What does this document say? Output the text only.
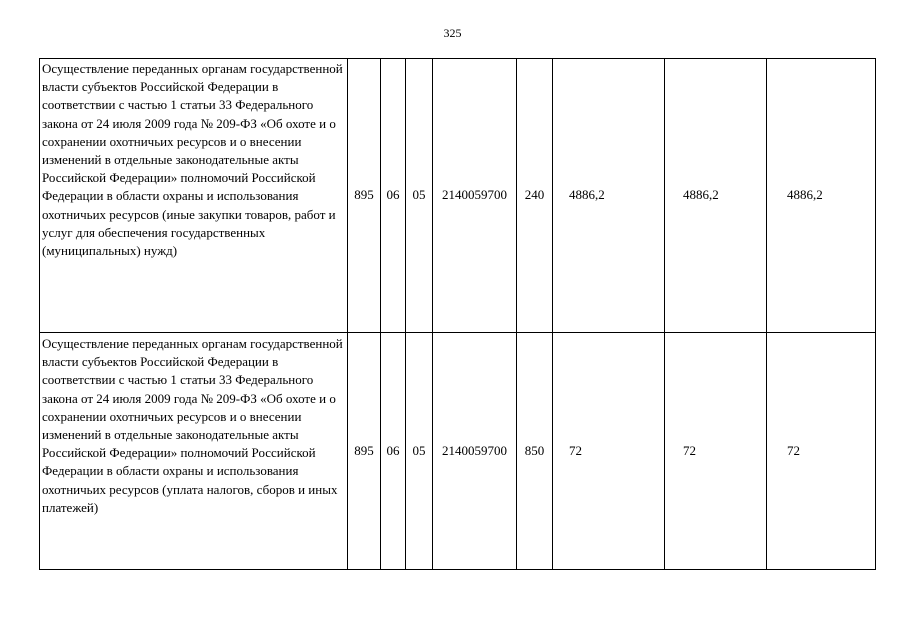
325
Осуществление переданных органам государственной власти субъектов Российской Федерации в соответствии с частью 1 статьи 33 Федерального закона от 24 июля 2009 года № 209-ФЗ «Об охоте и о сохранении охотничьих ресурсов и о внесении изменений в отдельные законодательные акты Российской Федерации» полномочий Российской Федерации в области охраны и использования охотничьих ресурсов (иные закупки товаров, работ и услуг для обеспечения государственных (муниципальных) нужд)	895	06	05	2140059700	240	4886,2	4886,2	4886,2
Осуществление переданных органам государственной власти субъектов Российской Федерации в соответствии с частью 1 статьи 33 Федерального закона от 24 июля 2009 года № 209-ФЗ «Об охоте и о сохранении охотничьих ресурсов и о внесении изменений в отдельные законодательные акты Российской Федерации» полномочий Российской Федерации в области охраны и использования охотничьих ресурсов (уплата налогов, сборов и иных платежей)	895	06	05	2140059700	850	72	72	72
